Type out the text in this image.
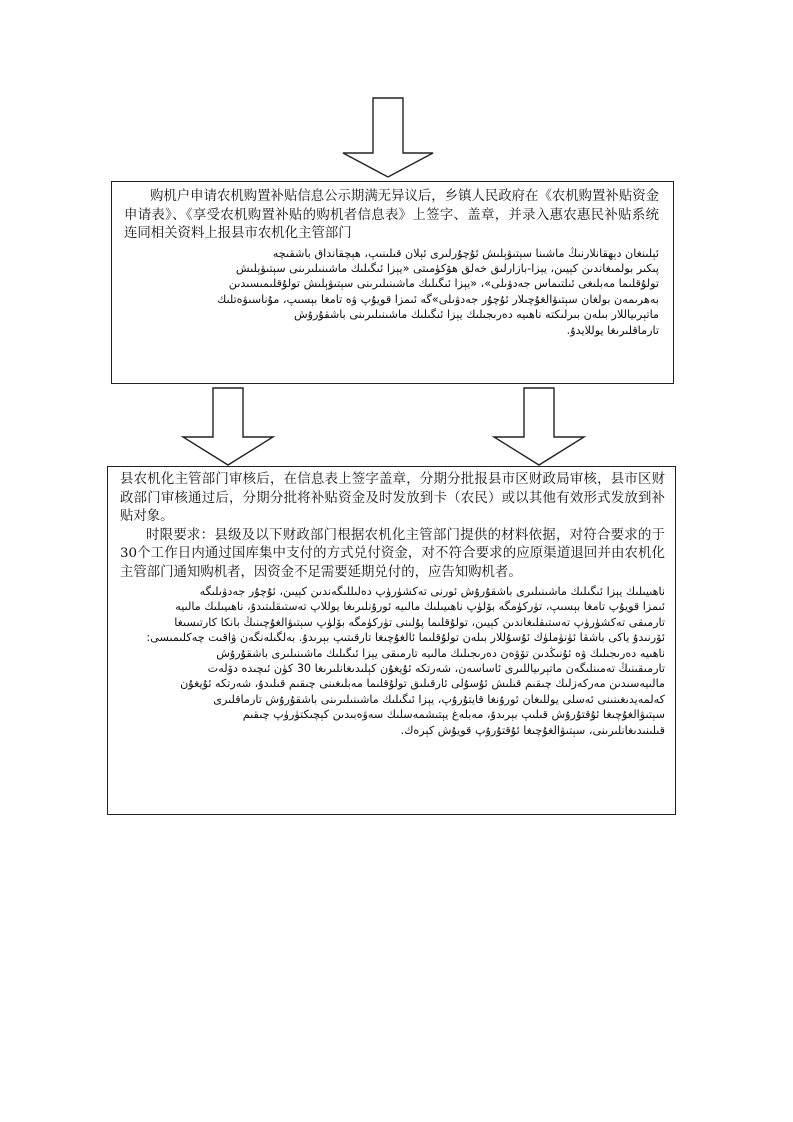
购机户申请农机购置补贴信息公示期满无异议后，乡镇人民政府在《农机购置补贴资金申请表》、《享受农机购置补贴的购机者信息表》上签字、盖章，并录入惠农惠民补贴系统连同相关资料上报县市农机化主管部门

ئېلىنغان دېھقانلارنىڭ ماشىنا سېتىۋېلىش ئۇچۇرلىرى ئېلان قىلىنىپ، ھېچقانداق باشقىچە

پىكىر بولمىغاندىن كېيىن، يېزا-بازارلىق خەلق ھۆكۈمىتى «يېزا ئىگىلىك ماشىنىلىرىنى سېتىۋېلىش

تولۇقلىما مەبلىغى ئىلتىماس جەدۋىلى»، «يېزا ئىگىلىك ماشىنىلىرىنى سېتىۋېلىش تولۇقلىمىسىدىن

بەھرىمەن بولغان سېتىۋالغۇچىلار ئۇچۇر جەدۋىلى»گە ئىمزا قويۇپ ۋە تامغا بېسىپ، مۇناسىۋەتلىك

ماتېرىياللار بىلەن بىرلىكتە ناھىيە دەرىجىلىك يېزا ئىگىلىك ماشىنىلىرىنى باشقۇرۇش

تارماقلىرىغا يوللايدۇ.

县农机化主管部门审核后，在信息表上签字盖章，分期分批报县市区财政局审核，县市区财政部门审核通过后，分期分批将补贴资金及时发放到卡（农民）或以其他有效形式发放到补贴对象。

时限要求：县级及以下财政部门根据农机化主管部门提供的材料依据，对符合要求的于30个工作日内通过国库集中支付的方式兑付资金，对不符合要求的应原渠道退回并由农机化主管部门通知购机者，因资金不足需要延期兑付的，应告知购机者。

ناھىيىلىك يېزا ئىگىلىك ماشىنىلىرى باشقۇرۇش ئورنى تەكشۈرۈپ دەلىللىگەندىن كېيىن، ئۇچۇر جەدۋىلىگە

ئىمزا قويۇپ تامغا بېسىپ، تۈركۈمگە بۆلۈپ ناھىيىلىك مالىيە ئورۇنلىرىغا يوللاپ تەستىقلىتىدۇ، ناھىيىلىك مالىيە

تارمىقى تەكشۈرۈپ تەستىقلىغاندىن كېيىن، تولۇقلىما پۇلىنى تۈركۈمگە بۆلۈپ سېتىۋالغۇچىنىڭ بانكا كارتىسىغا

ئۆرنىدۇ ياكى باشقا ئۈنۈملۈك ئۇسۇللار بىلەن تولۇقلىما ئالغۇچىغا تارقىتىپ بېرىدۇ. بەلگىلەنگەن ۋاقىت چەكلىمىسى:

ناھىيە دەرىجىلىك ۋە ئۇنىڭدىن تۆۋەن دەرىجىلىك مالىيە تارمىقى يېزا ئىگىلىك ماشىنىلىرى باشقۇرۇش

تارمىقىنىڭ تەمىنلىگەن ماتېرىياللىرى ئاساسەن، شەرتكە ئۇيغۇن كېلىدىغانلىرىغا 30 كۈن ئىچىدە دۆلەت

مالىيەسىدىن مەركەزلىك چىقىم قىلىش ئۇسۇلى ئارقىلىق تولۇقلىما مەبلىغىنى چىقىم قىلىدۇ، شەرتكە ئۇيغۇن

كەلمەيدىغىنىنى ئەسلى يوللىغان ئورۇنغا قايتۇرۇپ، يېزا ئىگىلىك ماشىنىلىرىنى باشقۇرۇش تارماقلىرى

سېتىۋالغۇچىغا ئۇقتۇرۇش قىلىپ بېرىدۇ، مەبلەغ يېتىشمەسلىك سەۋەبىدىن كېچىكتۈرۈپ چىقىم

قىلىنىدىغانلىرىنى، سېتىۋالغۇچىغا ئۇقتۇرۇپ قويۇش كېرەك.
